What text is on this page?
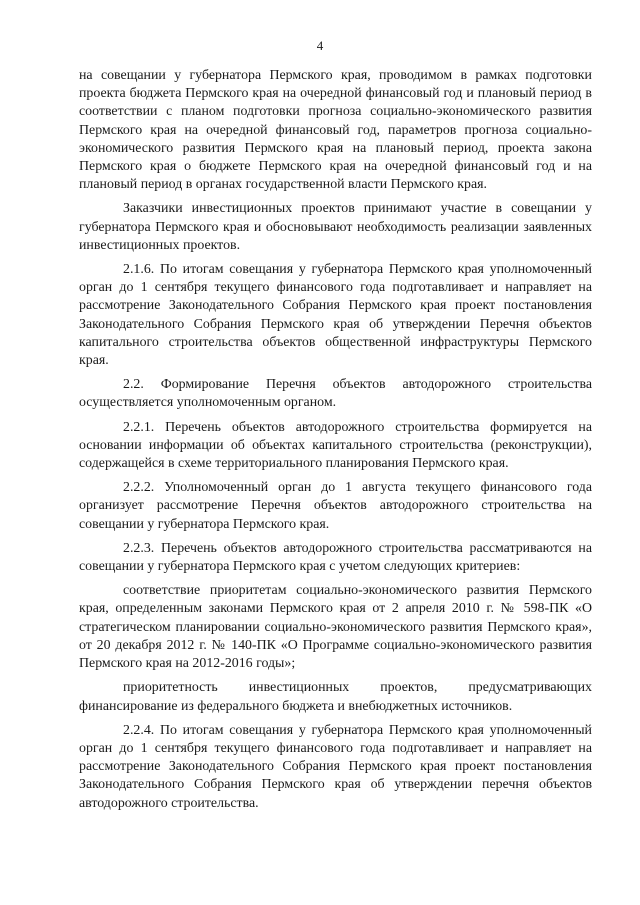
4

на совещании у губернатора Пермского края, проводимом в рамках подготовки проекта бюджета Пермского края на очередной финансовый год и плановый период в соответствии с планом подготовки прогноза социально-экономического развития Пермского края на очередной финансовый год, параметров прогноза социально-экономического развития Пермского края на плановый период, проекта закона Пермского края о бюджете Пермского края на очередной финансовый год и на плановый период в органах государственной власти Пермского края.

Заказчики инвестиционных проектов принимают участие в совещании у губернатора Пермского края и обосновывают необходимость реализации заявленных инвестиционных проектов.

2.1.6. По итогам совещания у губернатора Пермского края уполномоченный орган до 1 сентября текущего финансового года подготавливает и направляет на рассмотрение Законодательного Собрания Пермского края проект постановления Законодательного Собрания Пермского края об утверждении Перечня объектов капитального строительства объектов общественной инфраструктуры Пермского края.

2.2. Формирование Перечня объектов автодорожного строительства осуществляется уполномоченным органом.

2.2.1. Перечень объектов автодорожного строительства формируется на основании информации об объектах капитального строительства (реконструкции), содержащейся в схеме территориального планирования Пермского края.

2.2.2. Уполномоченный орган до 1 августа текущего финансового года организует рассмотрение Перечня объектов автодорожного строительства на совещании у губернатора Пермского края.

2.2.3. Перечень объектов автодорожного строительства рассматриваются на совещании у губернатора Пермского края с учетом следующих критериев:

соответствие приоритетам социально-экономического развития Пермского края, определенным законами Пермского края от 2 апреля 2010 г. № 598-ПК «О стратегическом планировании социально-экономического развития Пермского края», от 20 декабря 2012 г. № 140-ПК «О Программе социально-экономического развития Пермского края на 2012-2016 годы»;

приоритетность инвестиционных проектов, предусматривающих финансирование из федерального бюджета и внебюджетных источников.

2.2.4. По итогам совещания у губернатора Пермского края уполномоченный орган до 1 сентября текущего финансового года подготавливает и направляет на рассмотрение Законодательного Собрания Пермского края проект постановления Законодательного Собрания Пермского края об утверждении перечня объектов автодорожного строительства.
